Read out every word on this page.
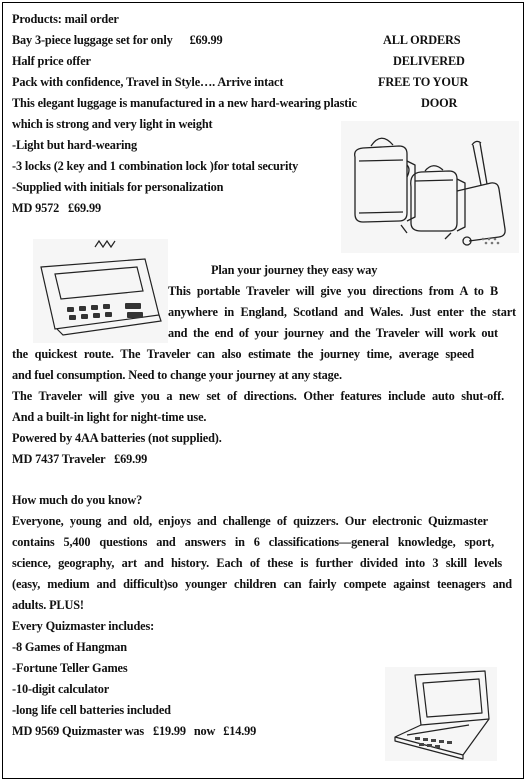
Products: mail order
Bay 3-piece luggage set for only £69.99
Half price offer
Pack with confidence, Travel in Style…. Arrive intact
This elegant luggage is manufactured in a new hard-wearing plastic
which is strong and very light in weight
-Light but hard-wearing
-3 locks (2 key and 1 combination lock )for total security
-Supplied with initials for personalization
MD 9572 £69.99
ALL ORDERS
DELIVERED
FREE TO YOUR
DOOR
Plan your journey they easy way
This portable Traveler will give you directions from A to B
anywhere in England, Scotland and Wales. Just enter the start
and the end of your journey and the Traveler will work out
the quickest route. The Traveler can also estimate the journey time, average speed
and fuel consumption. Need to change your journey at any stage.
The Traveler will give you a new set of directions. Other features include auto shut-off.
And a built-in light for night-time use.
Powered by 4AA batteries (not supplied).
MD 7437 Traveler £69.99
How much do you know?
Everyone, young and old, enjoys and challenge of quizzers. Our electronic Quizmaster
contains 5,400 questions and answers in 6 classifications—general knowledge, sport,
science, geography, art and history. Each of these is further divided into 3 skill levels
(easy, medium and difficult)so younger children can fairly compete against teenagers and
adults. PLUS!
Every Quizmaster includes:
-8 Games of Hangman
-Fortune Teller Games
-10-digit calculator
-long life cell batteries included
MD 9569 Quizmaster was £19.99 now £14.99
